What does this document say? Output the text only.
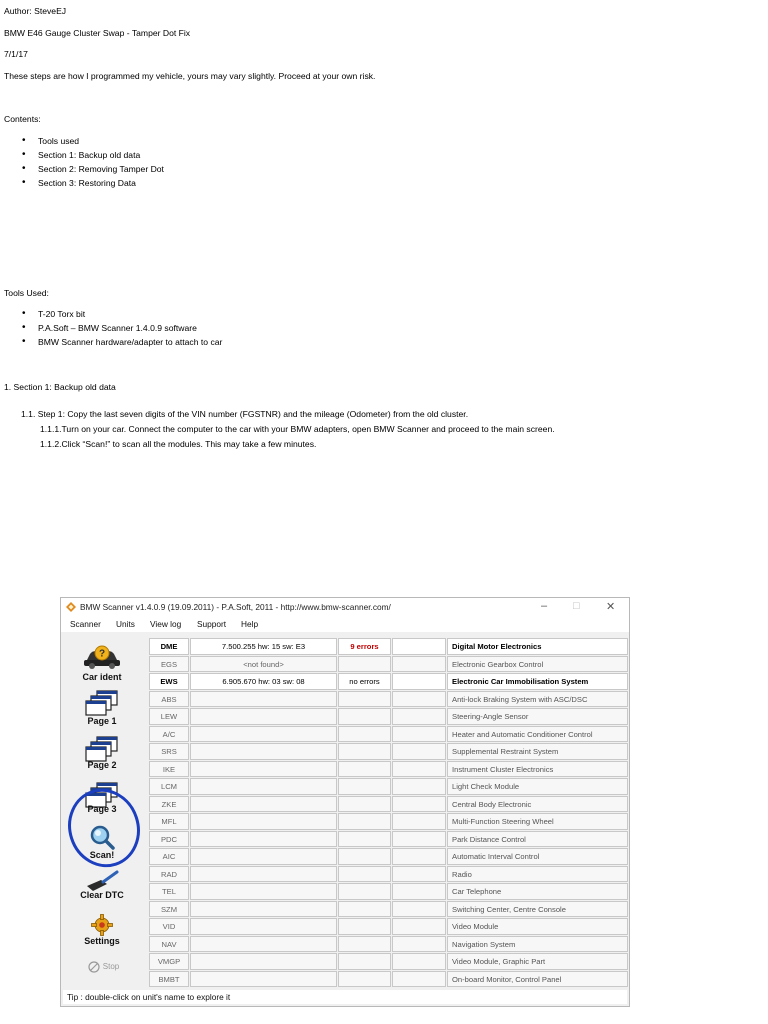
Author: SteveEJ
BMW E46 Gauge Cluster Swap - Tamper Dot Fix
7/1/17
These steps are how I programmed my vehicle, yours may vary slightly. Proceed at your own risk.
Contents:
• Tools used
• Section 1: Backup old data
• Section 2: Removing Tamper Dot
• Section 3: Restoring Data
Tools Used:
• T-20 Torx bit
• P.A.Soft – BMW Scanner 1.4.0.9 software
• BMW Scanner hardware/adapter to attach to car
1. Section 1: Backup old data
1.1. Step 1: Copy the last seven digits of the VIN number (FGSTNR) and the mileage (Odometer) from the old cluster.
1.1.1.Turn on your car. Connect the computer to the car with your BMW adapters, open BMW Scanner and proceed to the main screen.
1.1.2.Click “Scan!” to scan all the modules. This may take a few minutes.
BMW Scanner v1.4.0.9 (19.09.2011) - P.A.Soft, 2011 - http://www.bmw-scanner.com/	– □ ✕
Scanner Units View log Support Help
?
Car ident
Page 1
Page 2
Page 3
Scan!
Clear DTC
Settings
Stop
DME	7.500.255 hw: 15 sw: E3	9 errors	Digital Motor Electronics
EGS	<not found>	Electronic Gearbox Control
EWS	6.905.670 hw: 03 sw: 08	no errors	Electronic Car Immobilisation System
ABS	Anti-lock Braking System with ASC/DSC
LEW	Steering-Angle Sensor
A/C	Heater and Automatic Conditioner Control
SRS	Supplemental Restraint System
IKE	Instrument Cluster Electronics
LCM	Light Check Module
ZKE	Central Body Electronic
MFL	Multi-Function Steering Wheel
PDC	Park Distance Control
AIC	Automatic Interval Control
RAD	Radio
TEL	Car Telephone
SZM	Switching Center, Centre Console
VID	Video Module
NAV	Navigation System
VMGP	Video Module, Graphic Part
BMBT	On-board Monitor, Control Panel
Tip : double-click on unit's name to explore it
